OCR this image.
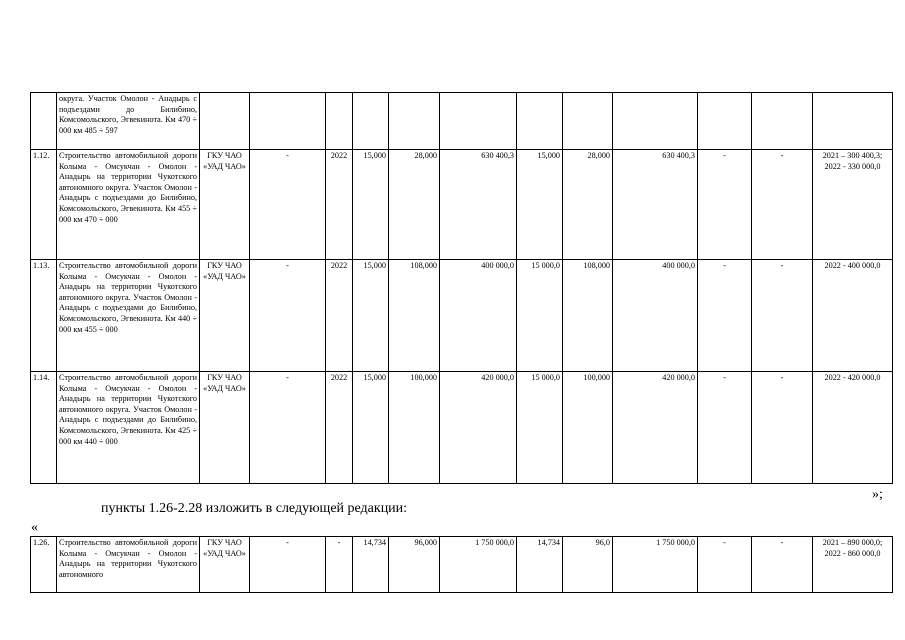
	округа. Участок Омолон - Анадырь с подъездами до Билибино, Комсомольского, Эгвекинота. Км 470 ÷ 000 км 485 ÷ 597												
1.12.	Строительство автомобильной дороги Колыма - Омсукчан - Омолон - Анадырь на территории Чукотского автономного округа. Участок Омолон - Анадырь с подъездами до Билибино, Комсомольского, Эгвекинота. Км 455 ÷ 000 км 470 ÷ 000	ГКУ ЧАО «УАД ЧАО»	-	2022	15,000	28,000	630 400,3	15,000	28,000	630 400,3	-	-	2021 – 300 400,3; 2022 - 330 000,0
1.13.	Строительство автомобильной дороги Колыма - Омсукчан - Омолон - Анадырь на территории Чукотского автономного округа. Участок Омолон - Анадырь с подъездами до Билибино, Комсомольского, Эгвекинота. Км 440 ÷ 000 км 455 ÷ 000	ГКУ ЧАО «УАД ЧАО»	-	2022	15,000	108,000	400 000,0	15 000,0	108,000	400 000,0	-	-	2022 - 400 000,0
1.14.	Строительство автомобильной дороги Колыма - Омсукчан - Омолон - Анадырь на территории Чукотского автономного округа. Участок Омолон - Анадырь с подъездами до Билибино, Комсомольского, Эгвекинота. Км 425 ÷ 000 км 440 ÷ 000	ГКУ ЧАО «УАД ЧАО»	-	2022	15,000	100,000	420 000,0	15 000,0	100,000	420 000,0	-	-	2022 - 420 000,0
»;
пункты 1.26-2.28 изложить в следующей редакции:
«
1.26.	Строительство автомобильной дороги Колыма - Омсукчан - Омолон - Анадырь на территории Чукотского автономного	ГКУ ЧАО «УАД ЧАО»	-	-	14,734	96,000	1 750 000,0	14,734	96,0	1 750 000,0	-	-	2021 – 890 000,0; 2022 - 860 000,0
